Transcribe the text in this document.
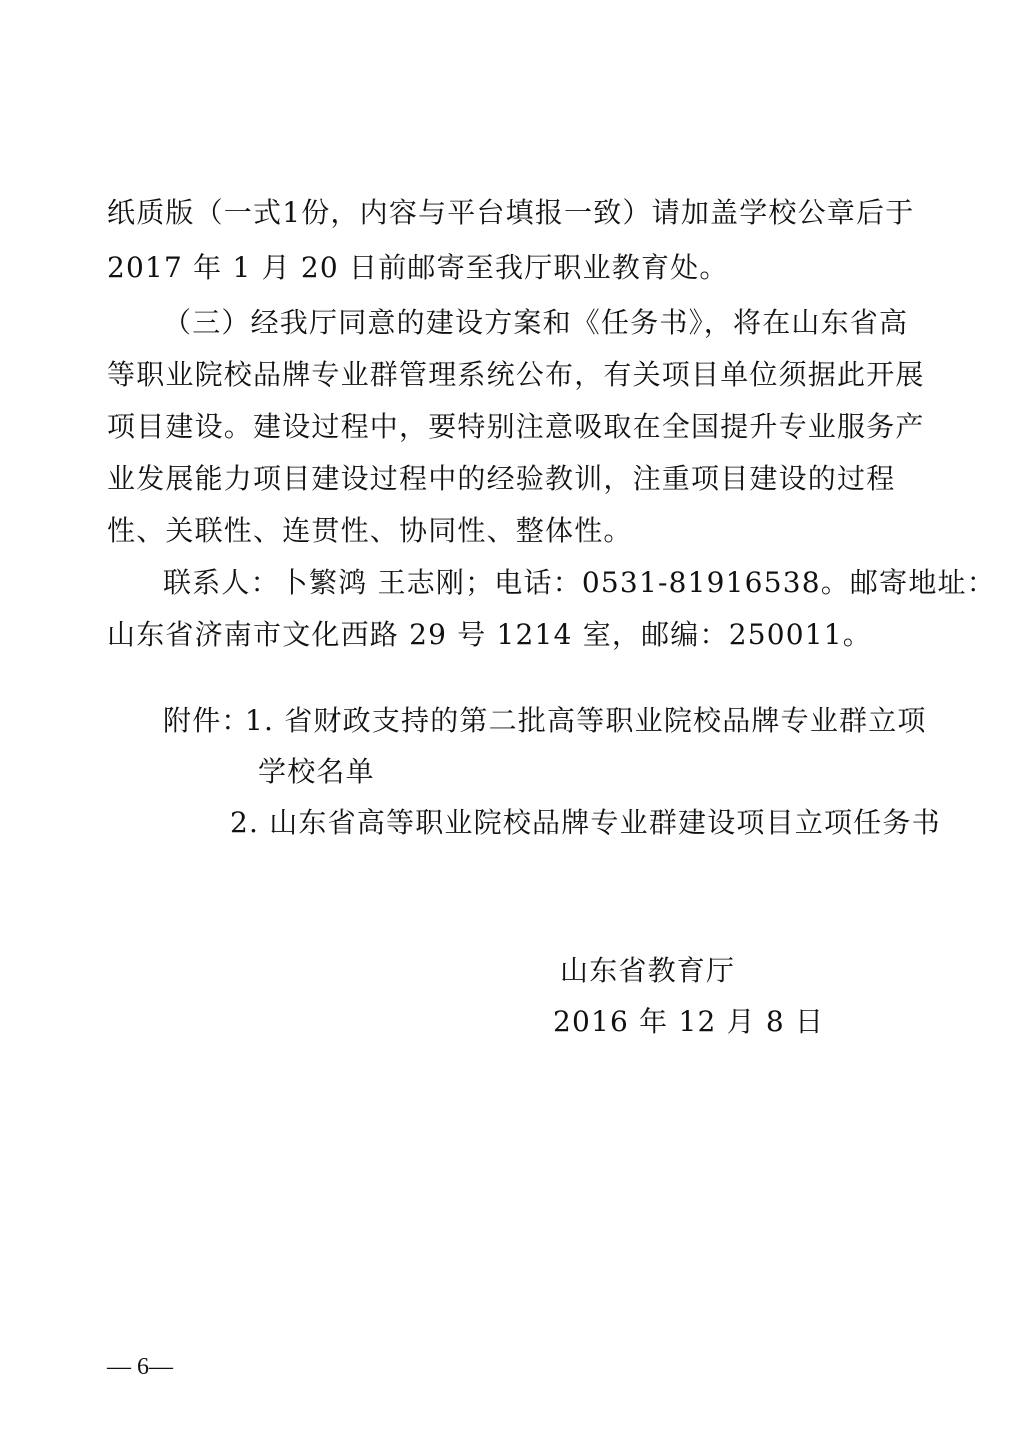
纸质版（一式1份，内容与平台填报一致）请加盖学校公章后于
2017 年 1 月 20 日前邮寄至我厅职业教育处。
（三）经我厅同意的建设方案和《任务书》，将在山东省高
等职业院校品牌专业群管理系统公布，有关项目单位须据此开展
项目建设。建设过程中，要特别注意吸取在全国提升专业服务产
业发展能力项目建设过程中的经验教训，注重项目建设的过程
性、关联性、连贯性、协同性、整体性。
联系人：卜繁鸿 王志刚；电话：0531-81916538。邮寄地址：
山东省济南市文化西路 29 号 1214 室，邮编：250011。
附件：
1. 省财政支持的第二批高等职业院校品牌专业群立项
学校名单
2. 山东省高等职业院校品牌专业群建设项目立项任务书
山东省教育厅
2016 年 12 月 8 日
— 6—
